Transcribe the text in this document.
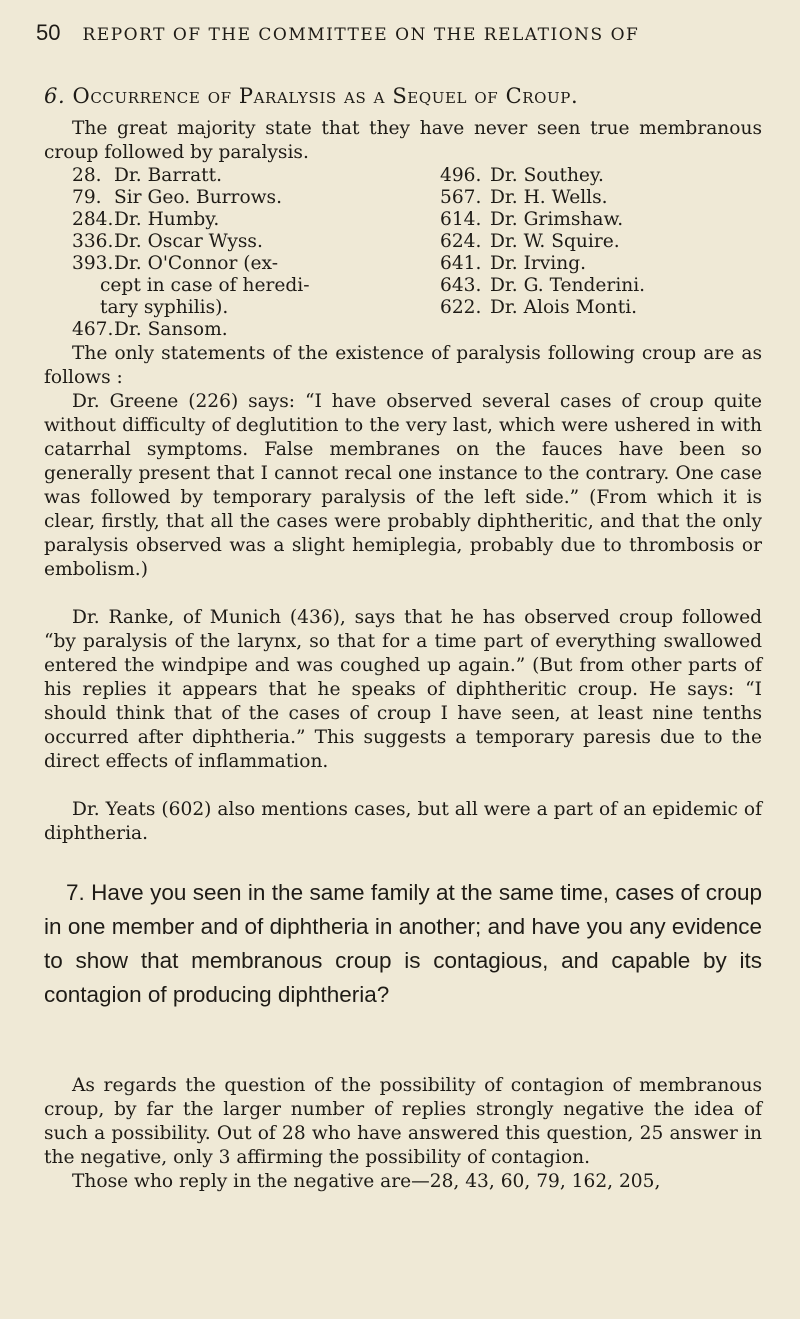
50 REPORT OF THE COMMITTEE ON THE RELATIONS OF
6. Occurrence of Paralysis as a Sequel of Croup.
The great majority state that they have never seen true membranous croup followed by paralysis.
28. Dr. Barratt.
79. Sir Geo. Burrows.
284.Dr. Humby.
336.Dr. Oscar Wyss.
393.Dr. O'Connor (ex-
cept in case of heredi-
tary syphilis).
467.Dr. Sansom.
496. Dr. Southey.
567. Dr. H. Wells.
614. Dr. Grimshaw.
624. Dr. W. Squire.
641. Dr. Irving.
643. Dr. G. Tenderini.
622. Dr. Alois Monti.
The only statements of the existence of paralysis following croup are as follows :
Dr. Greene (226) says: “I have observed several cases of croup quite without difficulty of deglutition to the very last, which were ushered in with catarrhal symptoms. False membranes on the fauces have been so generally present that I cannot recal one instance to the contrary. One case was followed by temporary paralysis of the left side.” (From which it is clear, firstly, that all the cases were probably diphtheritic, and that the only paralysis observed was a slight hemiplegia, probably due to thrombosis or embolism.)
Dr. Ranke, of Munich (436), says that he has observed croup followed “by paralysis of the larynx, so that for a time part of everything swallowed entered the windpipe and was coughed up again.” (But from other parts of his replies it appears that he speaks of diphtheritic croup. He says: “I should think that of the cases of croup I have seen, at least nine tenths occurred after diphtheria.” This suggests a temporary paresis due to the direct effects of inflammation.
Dr. Yeats (602) also mentions cases, but all were a part of an epidemic of diphtheria.
7. Have you seen in the same family at the same time, cases of croup in one member and of diphtheria in another; and have you any evidence to show that membranous croup is contagious, and capable by its contagion of producing diphtheria?
As regards the question of the possibility of contagion of membranous croup, by far the larger number of replies strongly negative the idea of such a possibility. Out of 28 who have answered this question, 25 answer in the negative, only 3 affirming the possibility of contagion.
Those who reply in the negative are—28, 43, 60, 79, 162, 205,
